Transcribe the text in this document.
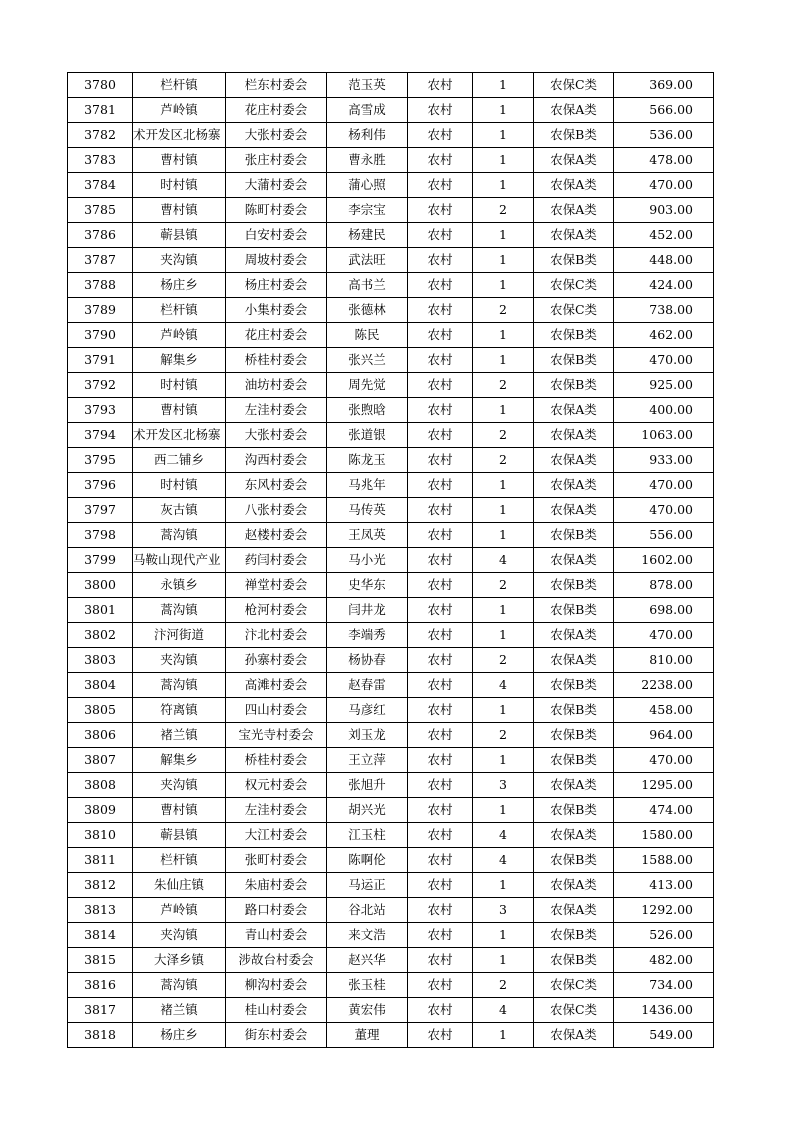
3780	栏杆镇	栏东村委会	范玉英	农村	1	农保C类	369.00
3781	芦岭镇	花庄村委会	高雪成	农村	1	农保A类	566.00
3782	术开发区北杨寨	大张村委会	杨利伟	农村	1	农保B类	536.00
3783	曹村镇	张庄村委会	曹永胜	农村	1	农保A类	478.00
3784	时村镇	大蒲村委会	蒲心照	农村	1	农保A类	470.00
3785	曹村镇	陈町村委会	李宗宝	农村	2	农保A类	903.00
3786	蕲县镇	白安村委会	杨建民	农村	1	农保A类	452.00
3787	夹沟镇	周坡村委会	武法旺	农村	1	农保B类	448.00
3788	杨庄乡	杨庄村委会	高书兰	农村	1	农保C类	424.00
3789	栏杆镇	小集村委会	张德林	农村	2	农保C类	738.00
3790	芦岭镇	花庄村委会	陈民	农村	1	农保B类	462.00
3791	解集乡	桥桂村委会	张兴兰	农村	1	农保B类	470.00
3792	时村镇	油坊村委会	周先觉	农村	2	农保B类	925.00
3793	曹村镇	左洼村委会	张煦晗	农村	1	农保A类	400.00
3794	术开发区北杨寨	大张村委会	张道银	农村	2	农保A类	1063.00
3795	西二铺乡	沟西村委会	陈龙玉	农村	2	农保A类	933.00
3796	时村镇	东风村委会	马兆年	农村	1	农保A类	470.00
3797	灰古镇	八张村委会	马传英	农村	1	农保A类	470.00
3798	蒿沟镇	赵楼村委会	王凤英	农村	1	农保B类	556.00
3799	马鞍山现代产业	药闫村委会	马小光	农村	4	农保A类	1602.00
3800	永镇乡	禅堂村委会	史华东	农村	2	农保B类	878.00
3801	蒿沟镇	枪河村委会	闫井龙	农村	1	农保B类	698.00
3802	汴河街道	汴北村委会	李端秀	农村	1	农保A类	470.00
3803	夹沟镇	孙寨村委会	杨协春	农村	2	农保A类	810.00
3804	蒿沟镇	高滩村委会	赵春雷	农村	4	农保B类	2238.00
3805	符离镇	四山村委会	马彦红	农村	1	农保B类	458.00
3806	褚兰镇	宝光寺村委会	刘玉龙	农村	2	农保B类	964.00
3807	解集乡	桥桂村委会	王立萍	农村	1	农保B类	470.00
3808	夹沟镇	权元村委会	张旭升	农村	3	农保A类	1295.00
3809	曹村镇	左洼村委会	胡兴光	农村	1	农保B类	474.00
3810	蕲县镇	大江村委会	江玉柱	农村	4	农保A类	1580.00
3811	栏杆镇	张町村委会	陈啊伦	农村	4	农保B类	1588.00
3812	朱仙庄镇	朱庙村委会	马运正	农村	1	农保A类	413.00
3813	芦岭镇	路口村委会	谷北站	农村	3	农保A类	1292.00
3814	夹沟镇	青山村委会	来文浩	农村	1	农保B类	526.00
3815	大泽乡镇	涉故台村委会	赵兴华	农村	1	农保B类	482.00
3816	蒿沟镇	柳沟村委会	张玉桂	农村	2	农保C类	734.00
3817	褚兰镇	桂山村委会	黄宏伟	农村	4	农保C类	1436.00
3818	杨庄乡	街东村委会	董理	农村	1	农保A类	549.00
